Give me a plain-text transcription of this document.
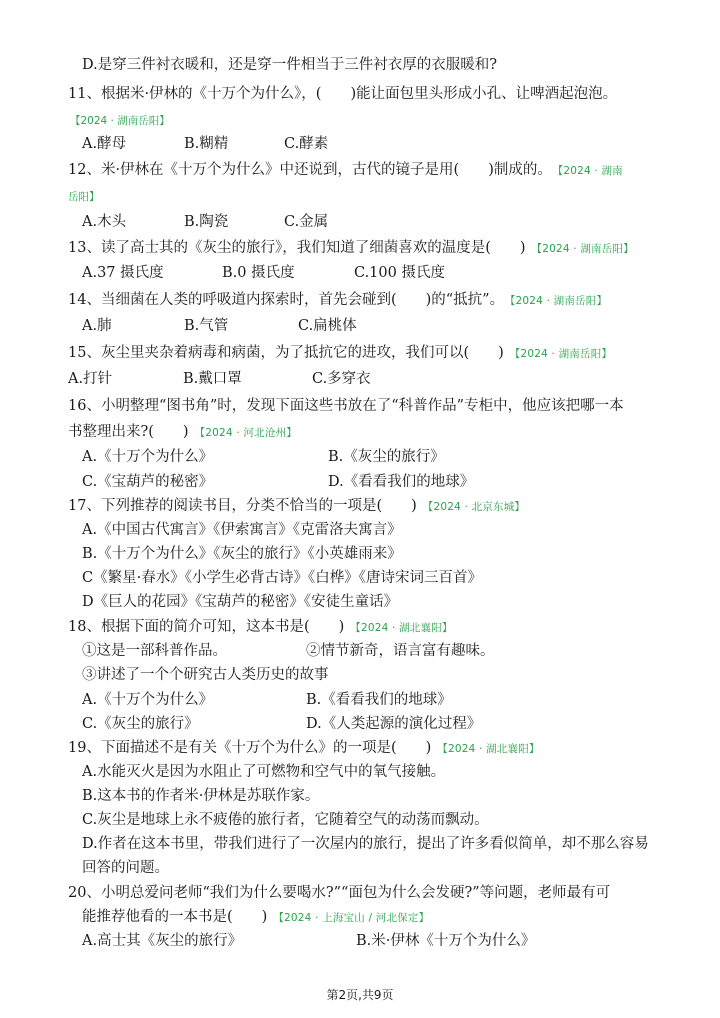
D.是穿三件衬衣暖和，还是穿一件相当于三件衬衣厚的衣服暖和?
11、根据米·伊林的《十万个为什么》，(　　)能让面包里头形成小孔、让啤酒起泡泡。
【2024 · 湖南岳阳】
A.酵母	B.糊精	C.酵素
12、米·伊林在《十万个为什么》中还说到，古代的镜子是用(　　)制成的。 【2024 · 湖南
岳阳】
A.木头	B.陶瓷	C.金属
13、读了高士其的《灰尘的旅行》，我们知道了细菌喜欢的温度是(　　) 【2024 · 湖南岳阳】
A.37 摄氏度	B.0 摄氏度	C.100 摄氏度
14、当细菌在人类的呼吸道内探索时，首先会碰到(　　)的“抵抗”。 【2024 · 湖南岳阳】
A.肺	B.气管	C.扁桃体
15、灰尘里夹杂着病毒和病菌，为了抵抗它的进攻，我们可以(　　) 【2024 · 湖南岳阳】
A.打针	B.戴口罩	C.多穿衣
16、小明整理“图书角”时，发现下面这些书放在了“科普作品”专柜中，他应该把哪一本
书整理出来?(　　) 【2024 · 河北沧州】
A.《十万个为什么》	B.《灰尘的旅行》
C.《宝葫芦的秘密》	D.《看看我们的地球》
17、下列推荐的阅读书目，分类不恰当的一项是(　　) 【2024 · 北京东城】
A.《中国古代寓言》《伊索寓言》《克雷洛夫寓言》
B.《十万个为什么》《灰尘的旅行》《小英雄雨来》
C《繁星·春水》《小学生必背古诗》《白桦》《唐诗宋词三百首》
D《巨人的花园》《宝葫芦的秘密》《安徒生童话》
18、根据下面的简介可知，这本书是(　　) 【2024 · 湖北襄阳】
①这是一部科普作品。	②情节新奇，语言富有趣味。
③讲述了一个个研究古人类历史的故事
A.《十万个为什么》	B.《看看我们的地球》
C.《灰尘的旅行》	D.《人类起源的演化过程》
19、下面描述不是有关《十万个为什么》的一项是(　　) 【2024 · 湖北襄阳】
A.水能灭火是因为水阻止了可燃物和空气中的氧气接触。
B.这本书的作者米·伊林是苏联作家。
C.灰尘是地球上永不疲倦的旅行者，它随着空气的动荡而飘动。
D.作者在这本书里，带我们进行了一次屋内的旅行，提出了许多看似简单，却不那么容易
回答的问题。
20、小明总爱问老师“我们为什么要喝水?”“面包为什么会发硬?”等问题，老师最有可
能推荐他看的一本书是(　　) 【2024 · 上海宝山 / 河北保定】
A.高士其《灰尘的旅行》	B.米·伊林《十万个为什么》
第2页,共9页
